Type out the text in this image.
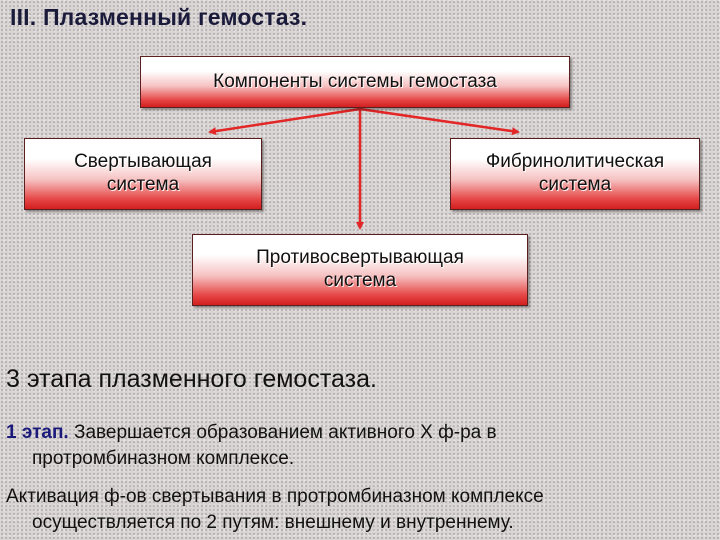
III. Плазменный гемостаз.
Компоненты системы гемостаза
Свертывающая
система
Фибринолитическая
система
Противосвертывающая
система
3 этапа плазменного гемостаза.

1 этап. Завершается образованием активного Х ф-ра в
протромбиназном комплексе.

Активация ф-ов свертывания в протромбиназном комплексе
осуществляется по 2 путям: внешнему и внутреннему.
